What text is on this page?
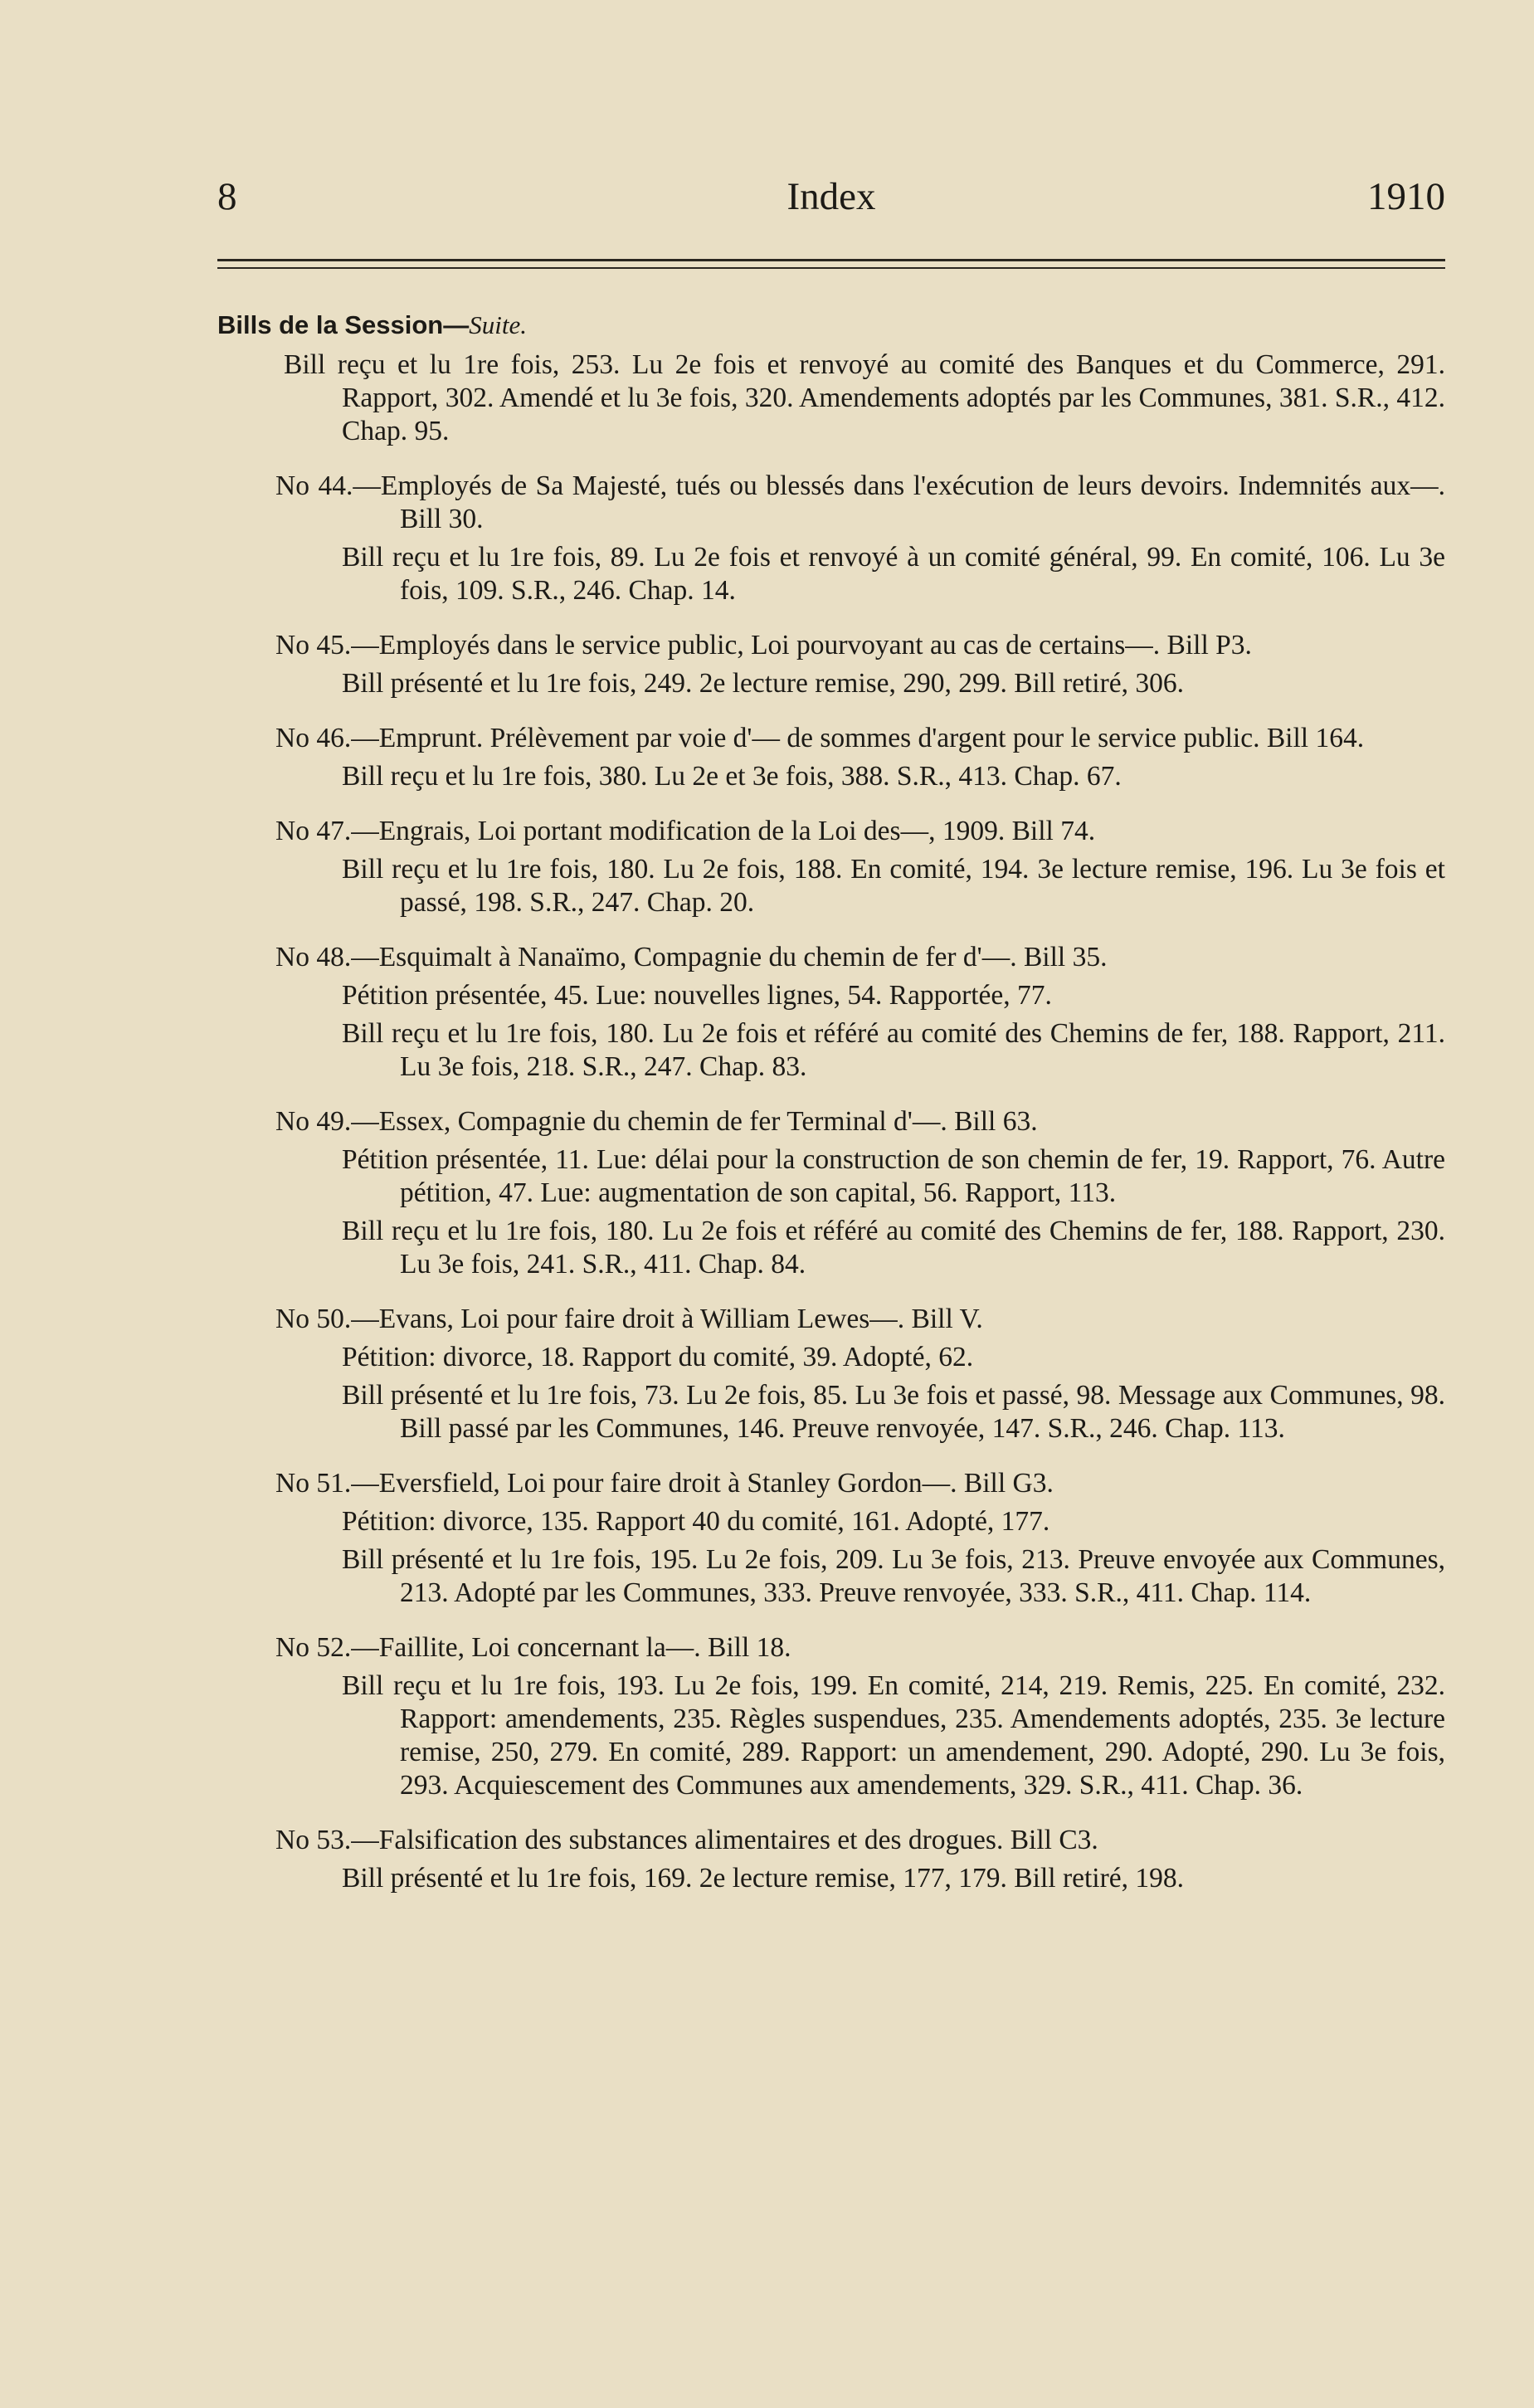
8	Index	1910
Bills de la Session—Suite.

Bill reçu et lu 1re fois, 253. Lu 2e fois et renvoyé au comité des Banques et du Commerce, 291. Rapport, 302. Amendé et lu 3e fois, 320. Amendements adoptés par les Communes, 381. S.R., 412. Chap. 95.

No 44.—Employés de Sa Majesté, tués ou blessés dans l'exécution de leurs devoirs. Indemnités aux—. Bill 30.

Bill reçu et lu 1re fois, 89. Lu 2e fois et renvoyé à un comité général, 99. En comité, 106. Lu 3e fois, 109. S.R., 246. Chap. 14.

No 45.—Employés dans le service public, Loi pourvoyant au cas de certains—. Bill P3.

Bill présenté et lu 1re fois, 249. 2e lecture remise, 290, 299. Bill retiré, 306.

No 46.—Emprunt. Prélèvement par voie d'— de sommes d'argent pour le service public. Bill 164.

Bill reçu et lu 1re fois, 380. Lu 2e et 3e fois, 388. S.R., 413. Chap. 67.

No 47.—Engrais, Loi portant modification de la Loi des—, 1909. Bill 74.

Bill reçu et lu 1re fois, 180. Lu 2e fois, 188. En comité, 194. 3e lecture remise, 196. Lu 3e fois et passé, 198. S.R., 247. Chap. 20.

No 48.—Esquimalt à Nanaïmo, Compagnie du chemin de fer d'—. Bill 35.

Pétition présentée, 45. Lue: nouvelles lignes, 54. Rapportée, 77.

Bill reçu et lu 1re fois, 180. Lu 2e fois et référé au comité des Chemins de fer, 188. Rapport, 211. Lu 3e fois, 218. S.R., 247. Chap. 83.

No 49.—Essex, Compagnie du chemin de fer Terminal d'—. Bill 63.

Pétition présentée, 11. Lue: délai pour la construction de son chemin de fer, 19. Rapport, 76. Autre pétition, 47. Lue: augmentation de son capital, 56. Rapport, 113.

Bill reçu et lu 1re fois, 180. Lu 2e fois et référé au comité des Chemins de fer, 188. Rapport, 230. Lu 3e fois, 241. S.R., 411. Chap. 84.

No 50.—Evans, Loi pour faire droit à William Lewes—. Bill V.

Pétition: divorce, 18. Rapport du comité, 39. Adopté, 62.

Bill présenté et lu 1re fois, 73. Lu 2e fois, 85. Lu 3e fois et passé, 98. Message aux Communes, 98. Bill passé par les Communes, 146. Preuve renvoyée, 147. S.R., 246. Chap. 113.

No 51.—Eversfield, Loi pour faire droit à Stanley Gordon—. Bill G3.

Pétition: divorce, 135. Rapport 40 du comité, 161. Adopté, 177.

Bill présenté et lu 1re fois, 195. Lu 2e fois, 209. Lu 3e fois, 213. Preuve envoyée aux Communes, 213. Adopté par les Communes, 333. Preuve renvoyée, 333. S.R., 411. Chap. 114.

No 52.—Faillite, Loi concernant la—. Bill 18.

Bill reçu et lu 1re fois, 193. Lu 2e fois, 199. En comité, 214, 219. Remis, 225. En comité, 232. Rapport: amendements, 235. Règles suspendues, 235. Amendements adoptés, 235. 3e lecture remise, 250, 279. En comité, 289. Rapport: un amendement, 290. Adopté, 290. Lu 3e fois, 293. Acquiescement des Communes aux amendements, 329. S.R., 411. Chap. 36.

No 53.—Falsification des substances alimentaires et des drogues. Bill C3.

Bill présenté et lu 1re fois, 169. 2e lecture remise, 177, 179. Bill retiré, 198.
